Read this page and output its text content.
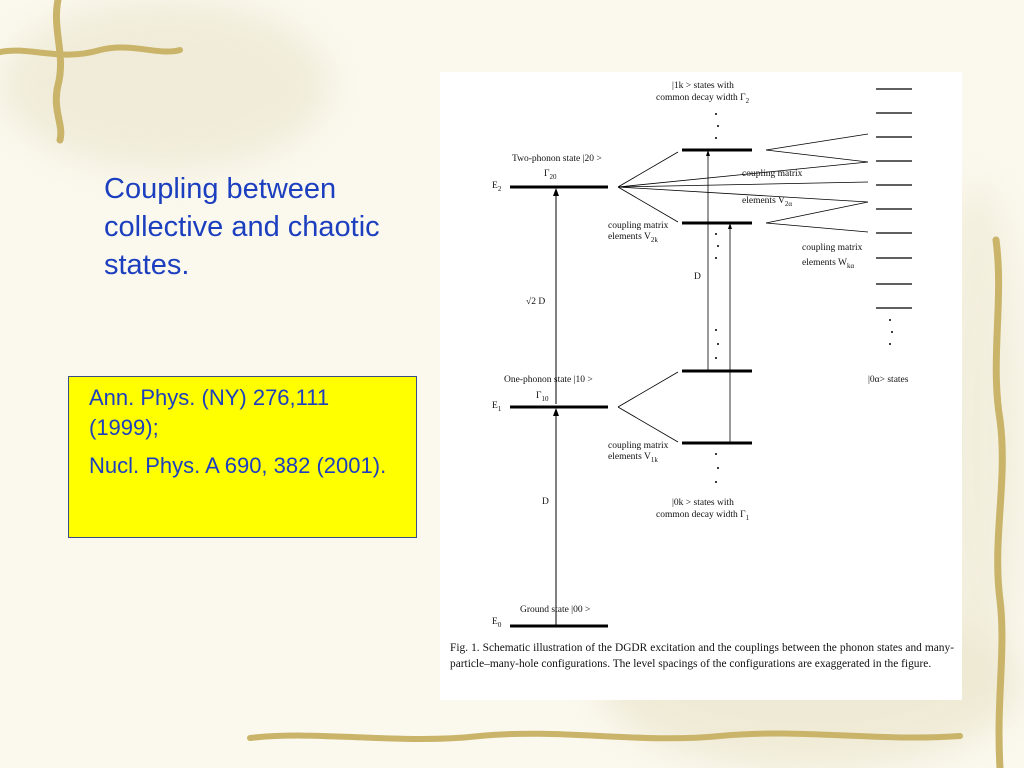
Coupling between collective and chaotic states.

Ann. Phys. (NY) 276,111 (1999);

Nucl. Phys. A 690, 382 (2001).

|1k > states with
common decay width $\Gamma_2$
Two-phonon state |20 >
$E_2$
$\Gamma_{20}$	coupling matrix
elements $V_{2\alpha}$
coupling matrix
elements $V_{2k}$
coupling matrix
elements $W_{k\alpha}$
D
√2 D
One-phonon state |10 >
$E_1$
$\Gamma_{10}$
|0α> states
coupling matrix
elements $V_{1k}$
|0k > states with
common decay width $\Gamma_1$
D
Ground state |00 >
$E_0$
Fig. 1. Schematic illustration of the DGDR excitation and the couplings between the phonon states and many-particle–many-hole configurations. The level spacings of the configurations are exaggerated in the figure.
